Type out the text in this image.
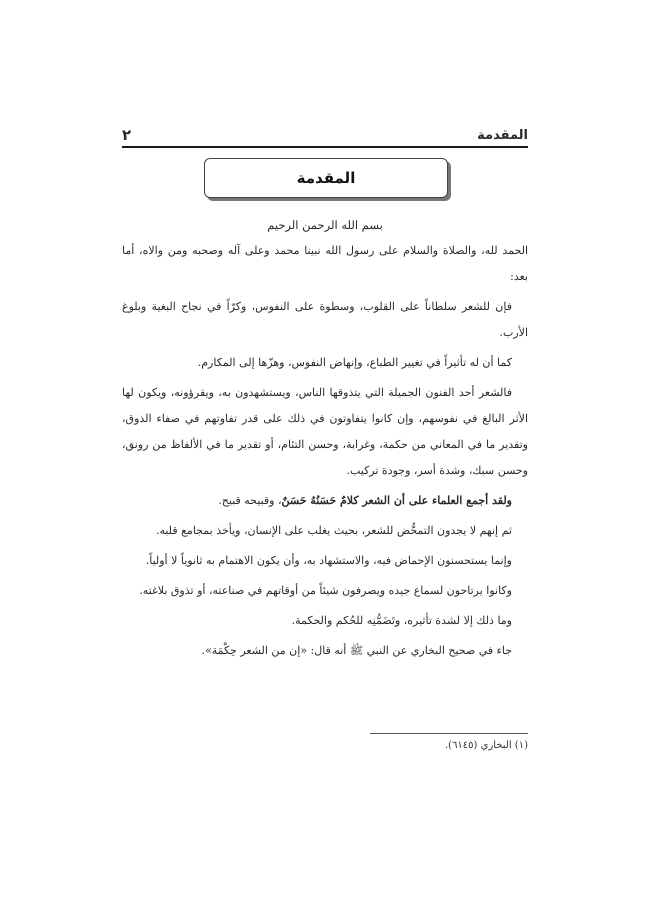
المقدمة
٢
المقدمة

بسم الله الرحمن الرحيم

الحمد لله، والصلاة والسلام على رسول الله نبينا محمد وعلى آله وصحبه ومن والاه، أما بعد:

فإن للشعر سلطاناً على القلوب، وسطوة على النفوس، وكرّاً في نجاح البغية وبلوغ الأرب.

كما أن له تأثيراً في تغيير الطباع، وإنهاض النفوس، وهزّها إلى المكارم.

فالشعر أحد الفنون الجميلة التي يتذوقها الناس، ويستشهدون به، ويقرؤونه، ويكون لها الأثر البالغ في نفوسهم، وإن كانوا يتفاوتون في ذلك على قدر تفاوتهم في صفاء الذوق، وتقدير ما في المعاني من حكمة، وغرابة، وحسن التئام، أو تقدير ما في الألفاظ من رونق، وحسن سبك، وشدة أسر، وجودة تركيب.

ولقد أجمع العلماء على أن الشعر كلامٌ حَسَنُهُ حَسَنٌ، وقبيحه قبيح.

ثم إنهم لا يجدون التمحُّض للشعر، بحيث يغلب على الإنسان، ويأخذ بمجامع قلبه.

وإنما يستحسنون الإحماض فيه، والاستشهاد به، وأن يكون الاهتمام به ثانوياً لا أولياً.

وكانوا يرتاحون لسماع جيده ويصرفون شيئاً من أوقاتهم في صناعته، أو تذوق بلاغته.

وما ذلك إلا لشدة تأثيره، وتَضَمُّنِه للحُكم والحكمة.

جاء في صحيح البخاري عن النبي ﷺ أنه قال: «إن من الشعر حِكْمَة».

(١) البخاري (٦١٤٥).
